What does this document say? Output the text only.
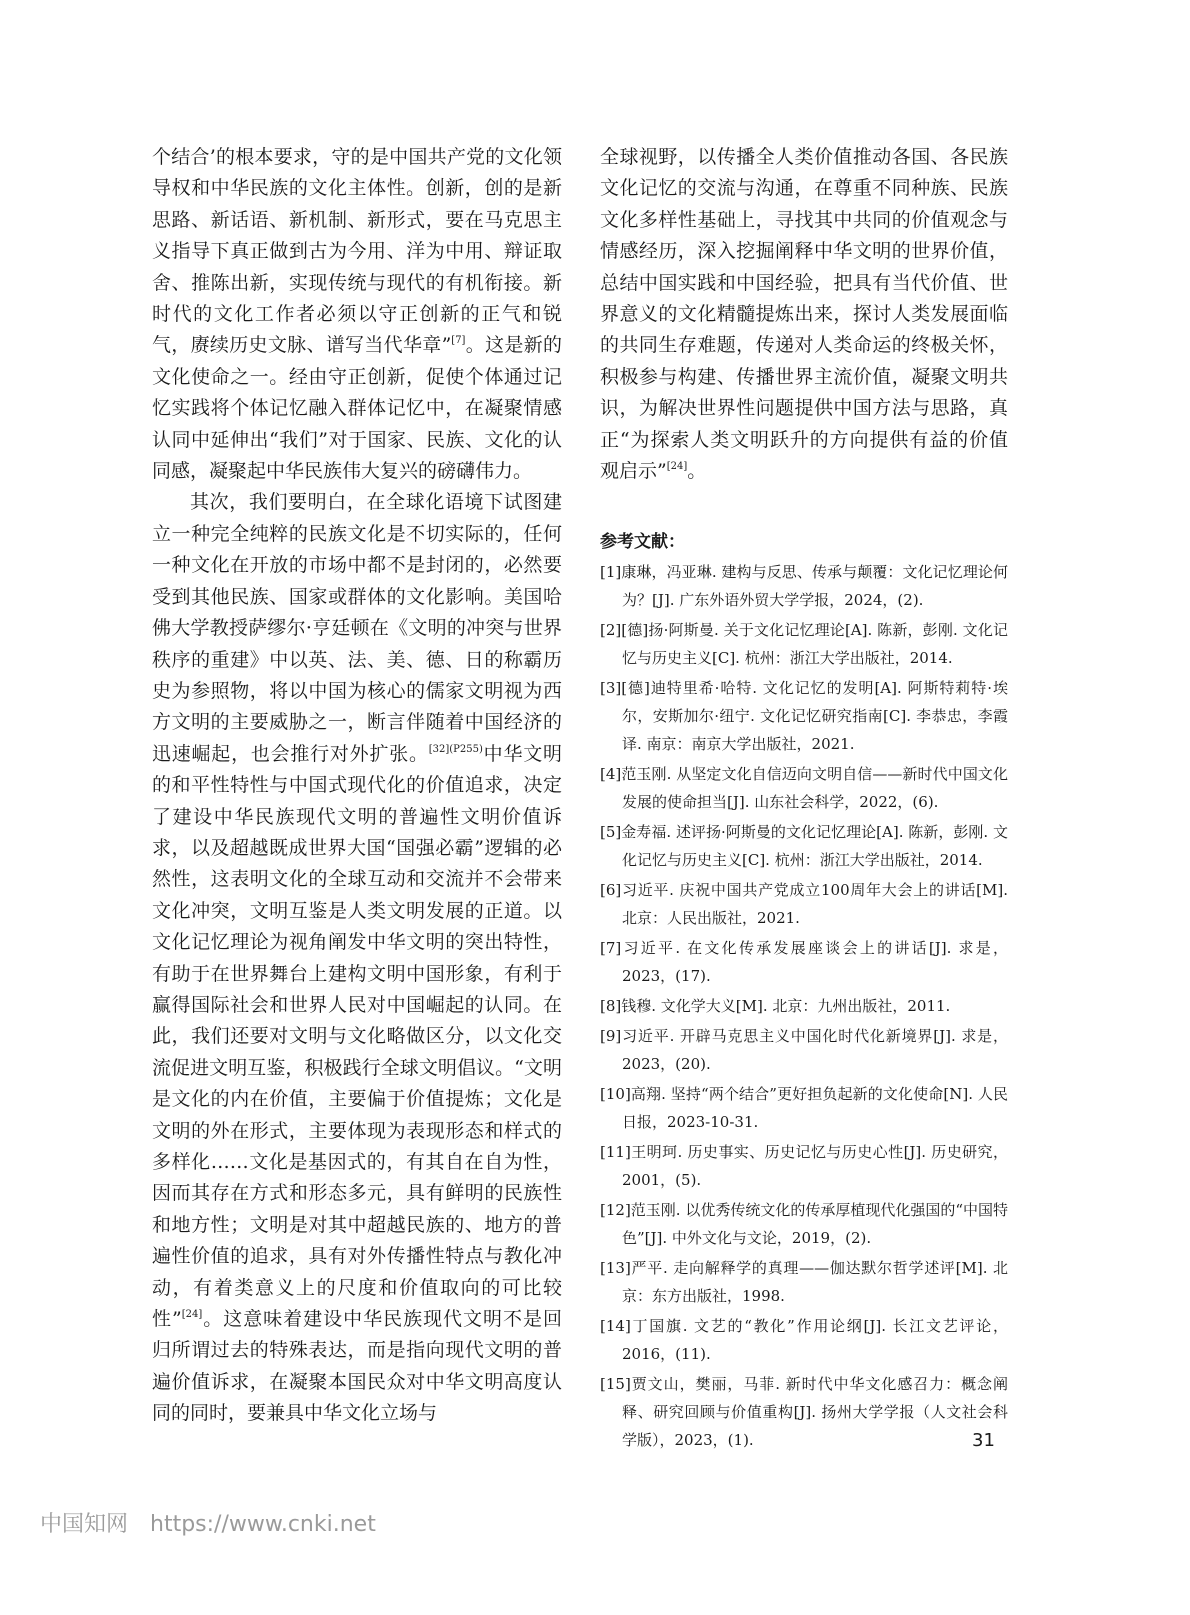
个结合’的根本要求，守的是中国共产党的文化领导权和中华民族的文化主体性。创新，创的是新思路、新话语、新机制、新形式，要在马克思主义指导下真正做到古为今用、洋为中用、辩证取舍、推陈出新，实现传统与现代的有机衔接。新时代的文化工作者必须以守正创新的正气和锐气，赓续历史文脉、谱写当代华章”[7]。这是新的文化使命之一。经由守正创新，促使个体通过记忆实践将个体记忆融入群体记忆中，在凝聚情感认同中延伸出“我们”对于国家、民族、文化的认同感，凝聚起中华民族伟大复兴的磅礴伟力。

其次，我们要明白，在全球化语境下试图建立一种完全纯粹的民族文化是不切实际的，任何一种文化在开放的市场中都不是封闭的，必然要受到其他民族、国家或群体的文化影响。美国哈佛大学教授萨缪尔·亨廷顿在《文明的冲突与世界秩序的重建》中以英、法、美、德、日的称霸历史为参照物，将以中国为核心的儒家文明视为西方文明的主要威胁之一，断言伴随着中国经济的迅速崛起，也会推行对外扩张。$^{[32](P255)}$中华文明的和平性特性与中国式现代化的价值追求，决定了建设中华民族现代文明的普遍性文明价值诉求，以及超越既成世界大国“国强必霸”逻辑的必然性，这表明文化的全球互动和交流并不会带来文化冲突，文明互鉴是人类文明发展的正道。以文化记忆理论为视角阐发中华文明的突出特性，有助于在世界舞台上建构文明中国形象，有利于赢得国际社会和世界人民对中国崛起的认同。在此，我们还要对文明与文化略做区分，以文化交流促进文明互鉴，积极践行全球文明倡议。“文明是文化的内在价值，主要偏于价值提炼；文化是文明的外在形式，主要体现为表现形态和样式的多样化……文化是基因式的，有其自在自为性，因而其存在方式和形态多元，具有鲜明的民族性和地方性；文明是对其中超越民族的、地方的普遍性价值的追求，具有对外传播性特点与教化冲动，有着类意义上的尺度和价值取向的可比较性”[24]。这意味着建设中华民族现代文明不是回归所谓过去的特殊表达，而是指向现代文明的普遍价值诉求，在凝聚本国民众对中华文明高度认同的同时，要兼具中华文化立场与

全球视野，以传播全人类价值推动各国、各民族文化记忆的交流与沟通，在尊重不同种族、民族文化多样性基础上，寻找其中共同的价值观念与情感经历，深入挖掘阐释中华文明的世界价值，总结中国实践和中国经验，把具有当代价值、世界意义的文化精髓提炼出来，探讨人类发展面临的共同生存难题，传递对人类命运的终极关怀，积极参与构建、传播世界主流价值，凝聚文明共识，为解决世界性问题提供中国方法与思路，真正“为探索人类文明跃升的方向提供有益的价值观启示”[24]。

参考文献：

[1]康琳，冯亚琳. 建构与反思、传承与颠覆：文化记忆理论何为？[J]. 广东外语外贸大学学报，2024，(2).

[2][德]扬·阿斯曼. 关于文化记忆理论[A]. 陈新，彭刚. 文化记忆与历史主义[C]. 杭州：浙江大学出版社，2014.

[3][德]迪特里希·哈特. 文化记忆的发明[A]. 阿斯特莉特·埃尔，安斯加尔·纽宁. 文化记忆研究指南[C]. 李恭忠，李霞译. 南京：南京大学出版社，2021.

[4]范玉刚. 从坚定文化自信迈向文明自信——新时代中国文化发展的使命担当[J]. 山东社会科学，2022，(6).

[5]金寿福. 述评扬·阿斯曼的文化记忆理论[A]. 陈新，彭刚. 文化记忆与历史主义[C]. 杭州：浙江大学出版社，2014.

[6]习近平. 庆祝中国共产党成立100周年大会上的讲话[M]. 北京：人民出版社，2021.

[7]习近平. 在文化传承发展座谈会上的讲话[J]. 求是，2023，(17).

[8]钱穆. 文化学大义[M]. 北京：九州出版社，2011.

[9]习近平. 开辟马克思主义中国化时代化新境界[J]. 求是，2023，(20).

[10]高翔. 坚持“两个结合”更好担负起新的文化使命[N]. 人民日报，2023-10-31.

[11]王明珂. 历史事实、历史记忆与历史心性[J]. 历史研究，2001，(5).

[12]范玉刚. 以优秀传统文化的传承厚植现代化强国的“中国特色”[J]. 中外文化与文论，2019，(2).

[13]严平. 走向解释学的真理——伽达默尔哲学述评[M]. 北京：东方出版社，1998.

[14]丁国旗. 文艺的“教化”作用论纲[J]. 长江文艺评论，2016，(11).

[15]贾文山，樊丽，马菲. 新时代中华文化感召力：概念阐释、研究回顾与价值重构[J]. 扬州大学学报（人文社会科学版），2023，(1).	31
中国知网 https://www.cnki.net
